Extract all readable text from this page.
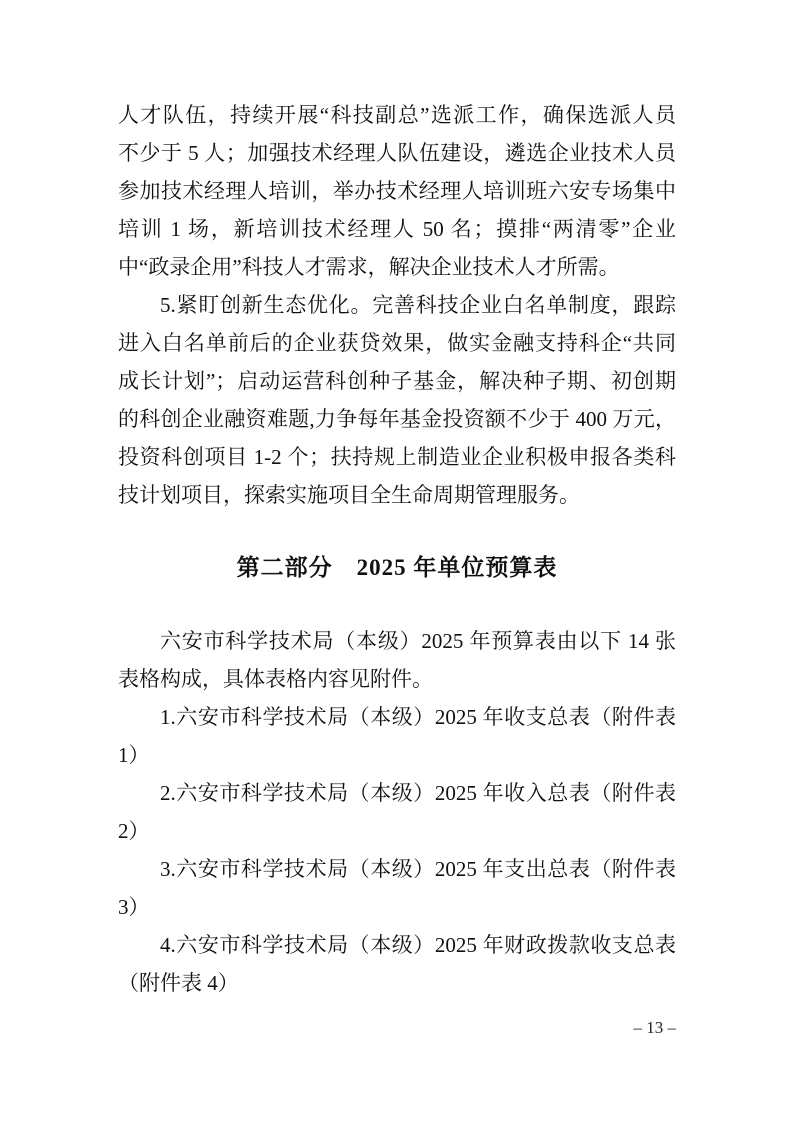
人才队伍，持续开展“科技副总”选派工作，确保选派人员
不少于 5 人；加强技术经理人队伍建设，遴选企业技术人员
参加技术经理人培训，举办技术经理人培训班六安专场集中
培训 1 场，新培训技术经理人 50 名；摸排“两清零”企业
中“政录企用”科技人才需求，解决企业技术人才所需。
5.紧盯创新生态优化。完善科技企业白名单制度，跟踪
进入白名单前后的企业获贷效果，做实金融支持科企“共同
成长计划”；启动运营科创种子基金，解决种子期、初创期
的科创企业融资难题,力争每年基金投资额不少于 400 万元，
投资科创项目 1-2 个；扶持规上制造业企业积极申报各类科
技计划项目，探索实施项目全生命周期管理服务。
第二部分　2025 年单位预算表
六安市科学技术局（本级）2025 年预算表由以下 14 张
表格构成，具体表格内容见附件。
1.六安市科学技术局（本级）2025 年收支总表（附件表
1）
2.六安市科学技术局（本级）2025 年收入总表（附件表
2）
3.六安市科学技术局（本级）2025 年支出总表（附件表
3）
4.六安市科学技术局（本级）2025 年财政拨款收支总表
（附件表 4）
– 13 –
